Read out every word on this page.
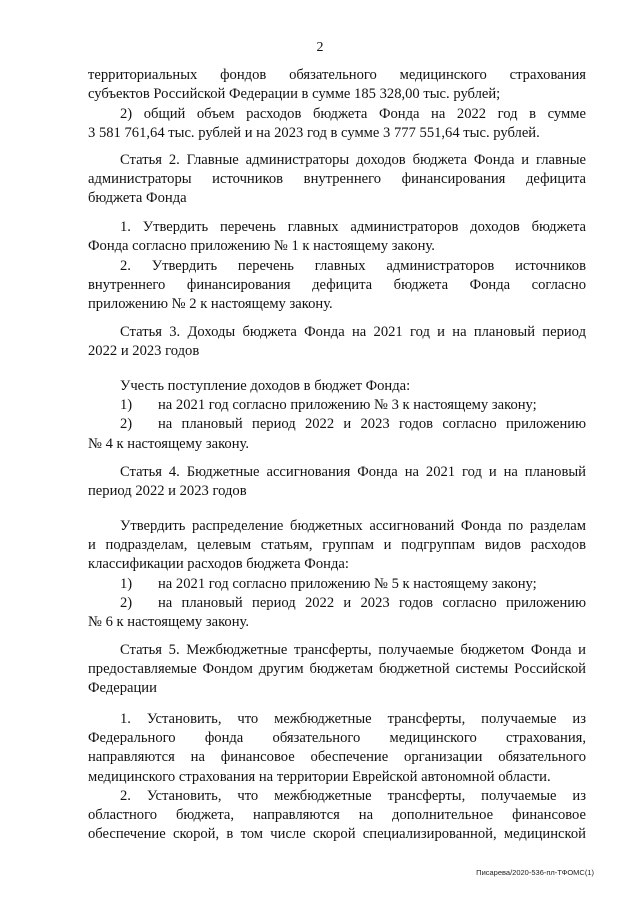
2
территориальных фондов обязательного медицинского страхования
субъектов Российской Федерации в сумме 185 328,00 тыс. рублей;
2) общий объем расходов бюджета Фонда на 2022 год в сумме
3 581 761,64 тыс. рублей и на 2023 год в сумме 3 777 551,64 тыс. рублей.
Статья 2. Главные администраторы доходов бюджета Фонда и главные
администраторы источников внутреннего финансирования дефицита
бюджета Фонда
1. Утвердить перечень главных администраторов доходов бюджета
Фонда согласно приложению № 1 к настоящему закону.
2. Утвердить перечень главных администраторов источников
внутреннего финансирования дефицита бюджета Фонда согласно
приложению № 2 к настоящему закону.
Статья 3. Доходы бюджета Фонда на 2021 год и на плановый период
2022 и 2023 годов
Учесть поступление доходов в бюджет Фонда:
1) на 2021 год согласно приложению № 3 к настоящему закону;
2)	на плановый период 2022 и 2023 годов согласно приложению
№ 4 к настоящему закону.
Статья 4. Бюджетные ассигнования Фонда на 2021 год и на плановый
период 2022 и 2023 годов
Утвердить распределение бюджетных ассигнований Фонда по разделам
и подразделам, целевым статьям, группам и подгруппам видов расходов
классификации расходов бюджета Фонда:
1) на 2021 год согласно приложению № 5 к настоящему закону;
2)	на плановый период 2022 и 2023 годов согласно приложению
№ 6 к настоящему закону.
Статья 5. Межбюджетные трансферты, получаемые бюджетом Фонда и
предоставляемые Фондом другим бюджетам бюджетной системы Российской
Федерации
1. Установить, что межбюджетные трансферты, получаемые из
Федерального фонда обязательного медицинского страхования,
направляются на финансовое обеспечение организации обязательного
медицинского страхования на территории Еврейской автономной области.
2. Установить, что межбюджетные трансферты, получаемые из
областного бюджета, направляются на дополнительное финансовое
обеспечение скорой, в том числе скорой специализированной, медицинской
Писарева/2020-536-пл-ТФОМС(1)
